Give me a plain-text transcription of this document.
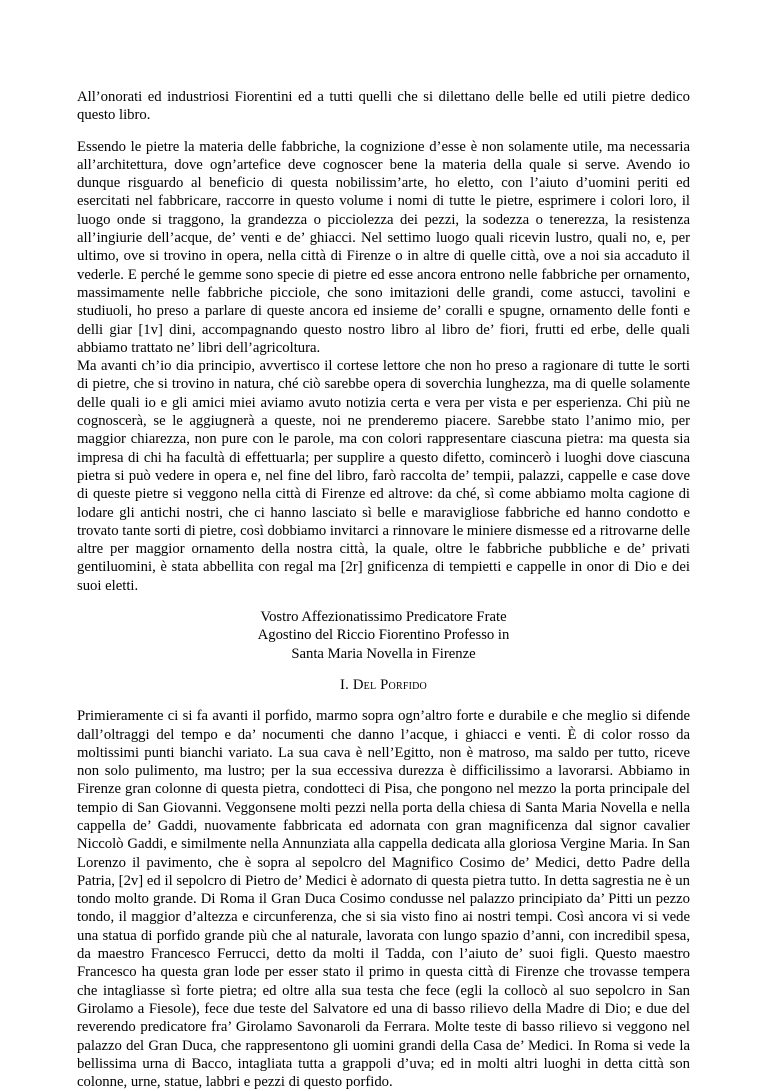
All’onorati ed industriosi Fiorentini ed a tutti quelli che si dilettano delle belle ed utili pietre dedico questo libro.

Essendo le pietre la materia delle fabbriche, la cognizione d’esse è non solamente utile, ma necessaria all’architettura, dove ogn’artefice deve cognoscer bene la materia della quale si serve. Avendo io dunque risguardo al beneficio di questa nobilissim’arte, ho eletto, con l’aiuto d’uomini periti ed esercitati nel fabbricare, raccorre in questo volume i nomi di tutte le pietre, esprimere i colori loro, il luogo onde si traggono, la grandezza o picciolezza dei pezzi, la sodezza o tenerezza, la resistenza all’ingiurie dell’acque, de’ venti e de’ ghiacci. Nel settimo luogo quali ricevin lustro, quali no, e, per ultimo, ove si trovino in opera, nella città di Firenze o in altre di quelle città, ove a noi sia accaduto il vederle. E perché le gemme sono specie di pietre ed esse ancora entrono nelle fabbriche per ornamento, massimamente nelle fabbriche picciole, che sono imitazioni delle grandi, come astucci, tavolini e studiuoli, ho preso a parlare di queste ancora ed insieme de’ coralli e spugne, ornamento delle fonti e delli giar [1v] dini, accompagnando questo nostro libro al libro de’ fiori, frutti ed erbe, delle quali abbiamo trattato ne’ libri dell’agricoltura.

Ma avanti ch’io dia principio, avvertisco il cortese lettore che non ho preso a ragionare di tutte le sorti di pietre, che si trovino in natura, ché ciò sarebbe opera di soverchia lunghezza, ma di quelle solamente delle quali io e gli amici miei aviamo avuto notizia certa e vera per vista e per esperienza. Chi più ne cognoscerà, se le aggiugnerà a queste, noi ne prenderemo piacere. Sarebbe stato l’animo mio, per maggior chiarezza, non pure con le parole, ma con colori rappresentare ciascuna pietra: ma questa sia impresa di chi ha facultà di effettuarla; per supplire a questo difetto, comincerò i luoghi dove ciascuna pietra si può vedere in opera e, nel fine del libro, farò raccolta de’ tempii, palazzi, cappelle e case dove di queste pietre si veggono nella città di Firenze ed altrove: da ché, sì come abbiamo molta cagione di lodare gli antichi nostri, che ci hanno lasciato sì belle e maravigliose fabbriche ed hanno condotto e trovato tante sorti di pietre, così dobbiamo invitarci a rinnovare le miniere dismesse ed a ritrovarne delle altre per maggior ornamento della nostra città, la quale, oltre le fabbriche pubbliche e de’ privati gentiluomini, è stata abbellita con regal ma [2r] gnificenza di tempietti e cappelle in onor di Dio e dei suoi eletti.

Vostro Affezionatissimo Predicatore Frate

Agostino del Riccio Fiorentino Professo in

Santa Maria Novella in Firenze

I. Del Porfido

Primieramente ci si fa avanti il porfido, marmo sopra ogn’altro forte e durabile e che meglio si difende dall’oltraggi del tempo e da’ nocumenti che danno l’acque, i ghiacci e venti. È di color rosso da moltissimi punti bianchi variato. La sua cava è nell’Egitto, non è matroso, ma saldo per tutto, riceve non solo pulimento, ma lustro; per la sua eccessiva durezza è difficilissimo a lavorarsi. Abbiamo in Firenze gran colonne di questa pietra, condotteci di Pisa, che pongono nel mezzo la porta principale del tempio di San Giovanni. Veggonsene molti pezzi nella porta della chiesa di Santa Maria Novella e nella cappella de’ Gaddi, nuovamente fabbricata ed adornata con gran magnificenza dal signor cavalier Niccolò Gaddi, e similmente nella Annunziata alla cappella dedicata alla gloriosa Vergine Maria. In San Lorenzo il pavimento, che è sopra al sepolcro del Magnifico Cosimo de’ Medici, detto Padre della Patria, [2v] ed il sepolcro di Pietro de’ Medici è adornato di questa pietra tutto. In detta sagrestia ne è un tondo molto grande. Di Roma il Gran Duca Cosimo condusse nel palazzo principiato da’ Pitti un pezzo tondo, il maggior d’altezza e circunferenza, che si sia visto fino ai nostri tempi. Così ancora vi si vede una statua di porfido grande più che al naturale, lavorata con lungo spazio d’anni, con incredibil spesa, da maestro Francesco Ferrucci, detto da molti il Tadda, con l’aiuto de’ suoi figli. Questo maestro Francesco ha questa gran lode per esser stato il primo in questa città di Firenze che trovasse tempera che intagliasse sì forte pietra; ed oltre alla sua testa che fece (egli la collocò al suo sepolcro in San Girolamo a Fiesole), fece due teste del Salvatore ed una di basso rilievo della Madre di Dio; e due del reverendo predicatore fra’ Girolamo Savonaroli da Ferrara. Molte teste di basso rilievo si veggono nel palazzo del Gran Duca, che rappresentono gli uomini grandi della Casa de’ Medici. In Roma si vede la bellissima urna di Bacco, intagliata tutta a grappoli d’uva; ed in molti altri luoghi in detta città son colonne, urne, statue, labbri e pezzi di questo porfido.
